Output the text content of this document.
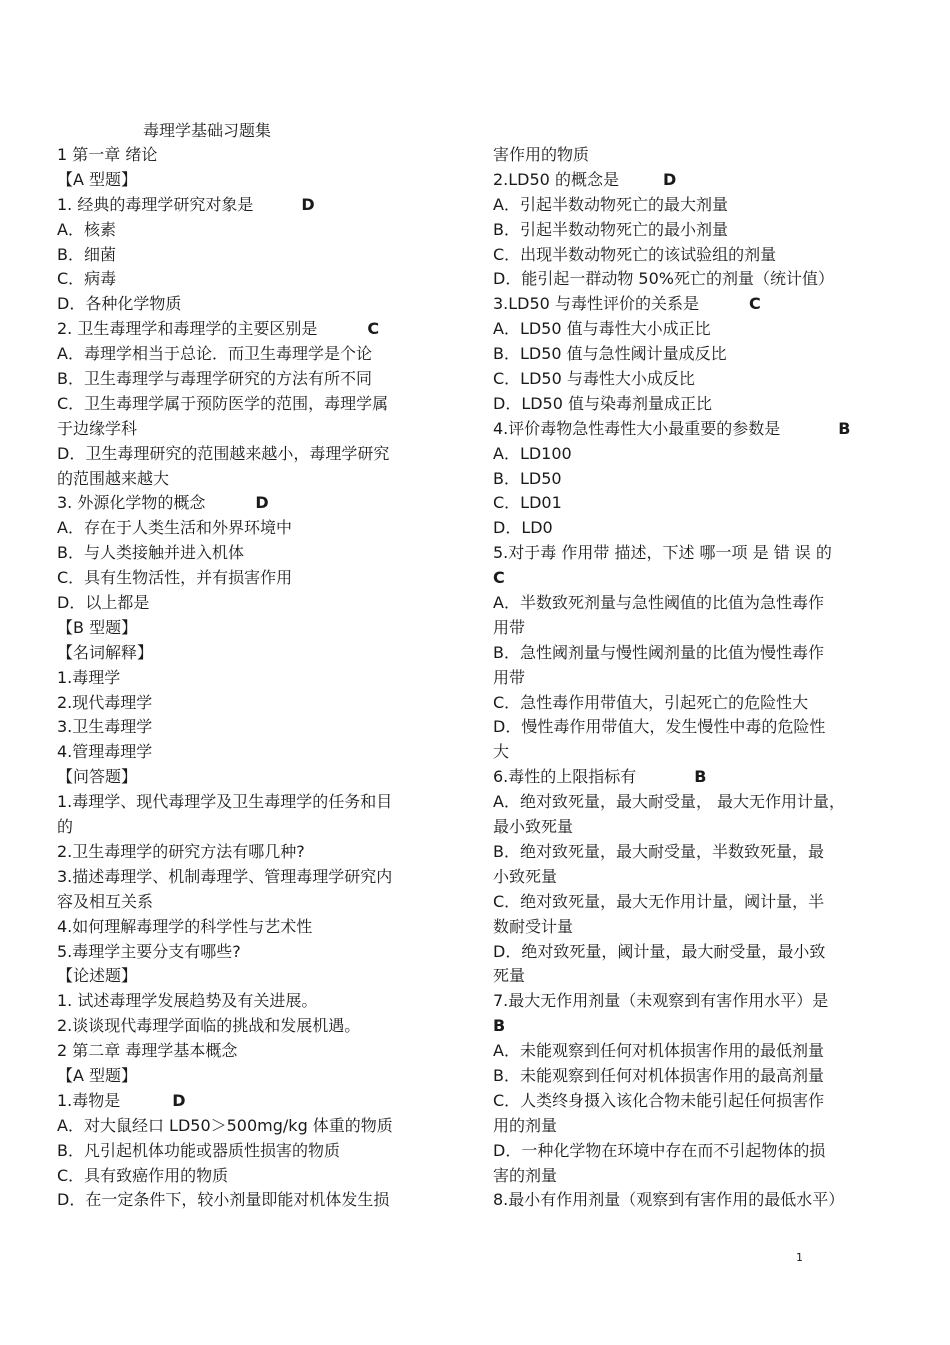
毒理学基础习题集
1 第一章 绪论
【A 型题】
1. 经典的毒理学研究对象是	D
A．核素
B．细菌
C．病毒
D．各种化学物质
2. 卫生毒理学和毒理学的主要区别是	C
A．毒理学相当于总论．而卫生毒理学是个论
B．卫生毒理学与毒理学研究的方法有所不同
C．卫生毒理学属于预防医学的范围，毒理学属
于边缘学科
D．卫生毒理研究的范围越来越小，毒理学研究
的范围越来越大
3. 外源化学物的概念	D
A．存在于人类生活和外界环境中
B．与人类接触并进入机体
C．具有生物活性，并有损害作用
D．以上都是
【B 型题】
【名词解释】
1.毒理学
2.现代毒理学
3.卫生毒理学
4.管理毒理学
【问答题】
1.毒理学、现代毒理学及卫生毒理学的任务和目
的
2.卫生毒理学的研究方法有哪几种?
3.描述毒理学、机制毒理学、管理毒理学研究内
容及相互关系
4.如何理解毒理学的科学性与艺术性
5.毒理学主要分支有哪些?
【论述题】
1. 试述毒理学发展趋势及有关进展。
2.谈谈现代毒理学面临的挑战和发展机遇。
2 第二章 毒理学基本概念
【A 型题】
1.毒物是	D
A．对大鼠经口 LD50＞500mg/kg 体重的物质
B．凡引起机体功能或器质性损害的物质
C．具有致癌作用的物质
D．在一定条件下，较小剂量即能对机体发生损
害作用的物质
2.LD50 的概念是	D
A．引起半数动物死亡的最大剂量
B．引起半数动物死亡的最小剂量
C．出现半数动物死亡的该试验组的剂量
D．能引起一群动物 50%死亡的剂量（统计值）
3.LD50 与毒性评价的关系是	C
A．LD50 值与毒性大小成正比
B．LD50 值与急性阈计量成反比
C．LD50 与毒性大小成反比
D．LD50 值与染毒剂量成正比
4.评价毒物急性毒性大小最重要的参数是	B
A．LD100
B．LD50
C．LD01
D．LD0
5.对于毒 作用带 描述，下述 哪一项 是 错 误 的
C
A．半数致死剂量与急性阈值的比值为急性毒作
用带
B．急性阈剂量与慢性阈剂量的比值为慢性毒作
用带
C．急性毒作用带值大，引起死亡的危险性大
D．慢性毒作用带值大，发生慢性中毒的危险性
大
6.毒性的上限指标有	B
A．绝对致死量，最大耐受量， 最大无作用计量，
最小致死量
B．绝对致死量，最大耐受量，半数致死量，最
小致死量
C．绝对致死量，最大无作用计量，阈计量，半
数耐受计量
D．绝对致死量，阈计量，最大耐受量，最小致
死量
7.最大无作用剂量（未观察到有害作用水平）是
B
A．未能观察到任何对机体损害作用的最低剂量
B．未能观察到任何对机体损害作用的最高剂量
C．人类终身摄入该化合物未能引起任何损害作
用的剂量
D．一种化学物在环境中存在而不引起物体的损
害的剂量
8.最小有作用剂量（观察到有害作用的最低水平）
1
